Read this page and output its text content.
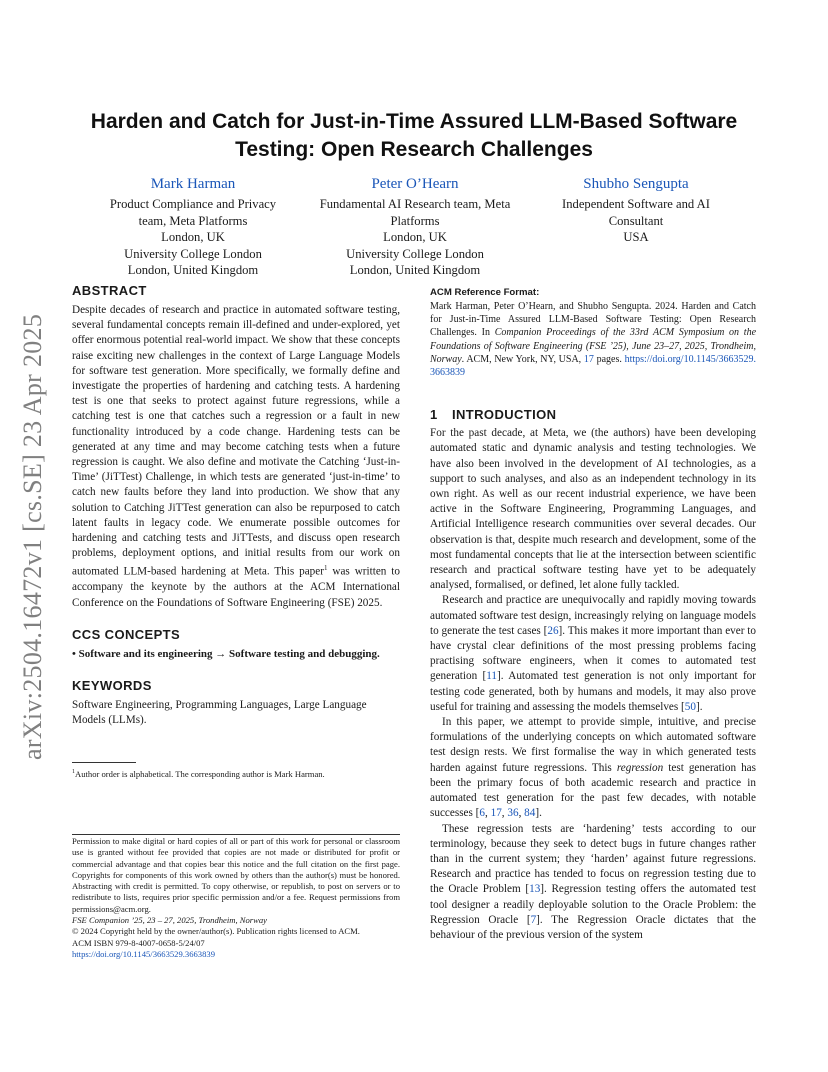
arXiv:2504.16472v1 [cs.SE] 23 Apr 2025
Harden and Catch for Just-in-Time Assured LLM-Based Software Testing: Open Research Challenges
Mark Harman
Product Compliance and Privacy
team, Meta Platforms
London, UK
University College London
London, United Kingdom
Peter O’Hearn
Fundamental AI Research team, Meta
Platforms
London, UK
University College London
London, United Kingdom
Shubho Sengupta
Independent Software and AI
Consultant
USA
ABSTRACT
Despite decades of research and practice in automated software testing, several fundamental concepts remain ill-defined and under-explored, yet offer enormous potential real-world impact. We show that these concepts raise exciting new challenges in the context of Large Language Models for software test generation. More specifically, we formally define and investigate the properties of hardening and catching tests. A hardening test is one that seeks to protect against future regressions, while a catching test is one that catches such a regression or a fault in new functionality introduced by a code change. Hardening tests can be generated at any time and may become catching tests when a future regression is caught. We also define and motivate the Catching ‘Just-in-Time’ (JiTTest) Challenge, in which tests are generated ‘just-in-time’ to catch new faults before they land into production. We show that any solution to Catching JiTTest generation can also be repurposed to catch latent faults in legacy code. We enumerate possible outcomes for hardening and catching tests and JiTTests, and discuss open research problems, deployment options, and initial results from our work on automated LLM-based hardening at Meta. This paper$^1$ was written to accompany the keynote by the authors at the ACM International Conference on the Foundations of Software Engineering (FSE) 2025.
CCS CONCEPTS
• Software and its engineering → Software testing and debugging.
KEYWORDS
Software Engineering, Programming Languages, Large Language Models (LLMs).
$^1$Author order is alphabetical. The corresponding author is Mark Harman.

Permission to make digital or hard copies of all or part of this work for personal or classroom use is granted without fee provided that copies are not made or distributed for profit or commercial advantage and that copies bear this notice and the full citation on the first page. Copyrights for components of this work owned by others than the author(s) must be honored. Abstracting with credit is permitted. To copy otherwise, or republish, to post on servers or to redistribute to lists, requires prior specific permission and/or a fee. Request permissions from permissions@acm.org.

FSE Companion ’25, 23 – 27, 2025, Trondheim, Norway

© 2024 Copyright held by the owner/author(s). Publication rights licensed to ACM.

ACM ISBN 979-8-4007-0658-5/24/07

https://doi.org/10.1145/3663529.3663839

ACM Reference Format:
Mark Harman, Peter O’Hearn, and Shubho Sengupta. 2024. Harden and Catch for Just-in-Time Assured LLM-Based Software Testing: Open Research Challenges. In Companion Proceedings of the 33rd ACM Symposium on the Foundations of Software Engineering (FSE ’25), June 23–27, 2025, Trondheim, Norway. ACM, New York, NY, USA, 17 pages. https://doi.org/10.1145/3663529.3663839
1 INTRODUCTION

For the past decade, at Meta, we (the authors) have been developing automated static and dynamic analysis and testing technologies. We have also been involved in the development of AI technologies, as a support to such analyses, and also as an independent technology in its own right. As well as our recent industrial experience, we have been active in the Software Engineering, Programming Languages, and Artificial Intelligence research communities over several decades. Our observation is that, despite much research and development, some of the most fundamental concepts that lie at the intersection between scientific research and practical software testing have yet to be adequately analysed, formalised, or defined, let alone fully tackled.

Research and practice are unequivocally and rapidly moving towards automated software test design, increasingly relying on language models to generate the test cases [26]. This makes it more important than ever to have crystal clear definitions of the most pressing problems facing practising software engineers, when it comes to automated test generation [11]. Automated test generation is not only important for testing code generated, both by humans and models, it may also prove useful for training and assessing the models themselves [50].

In this paper, we attempt to provide simple, intuitive, and precise formulations of the underlying concepts on which automated software test design rests. We first formalise the way in which generated tests harden against future regressions. This regression test generation has been the primary focus of both academic research and practice in automated test generation for the past few decades, with notable successes [6, 17, 36, 84].

These regression tests are ‘hardening’ tests according to our terminology, because they seek to detect bugs in future changes rather than in the current system; they ‘harden’ against future regressions. Research and practice has tended to focus on regression testing due to the Oracle Problem [13]. Regression testing offers the automated test tool designer a readily deployable solution to the Oracle Problem: the Regression Oracle [7]. The Regression Oracle dictates that the behaviour of the previous version of the system
